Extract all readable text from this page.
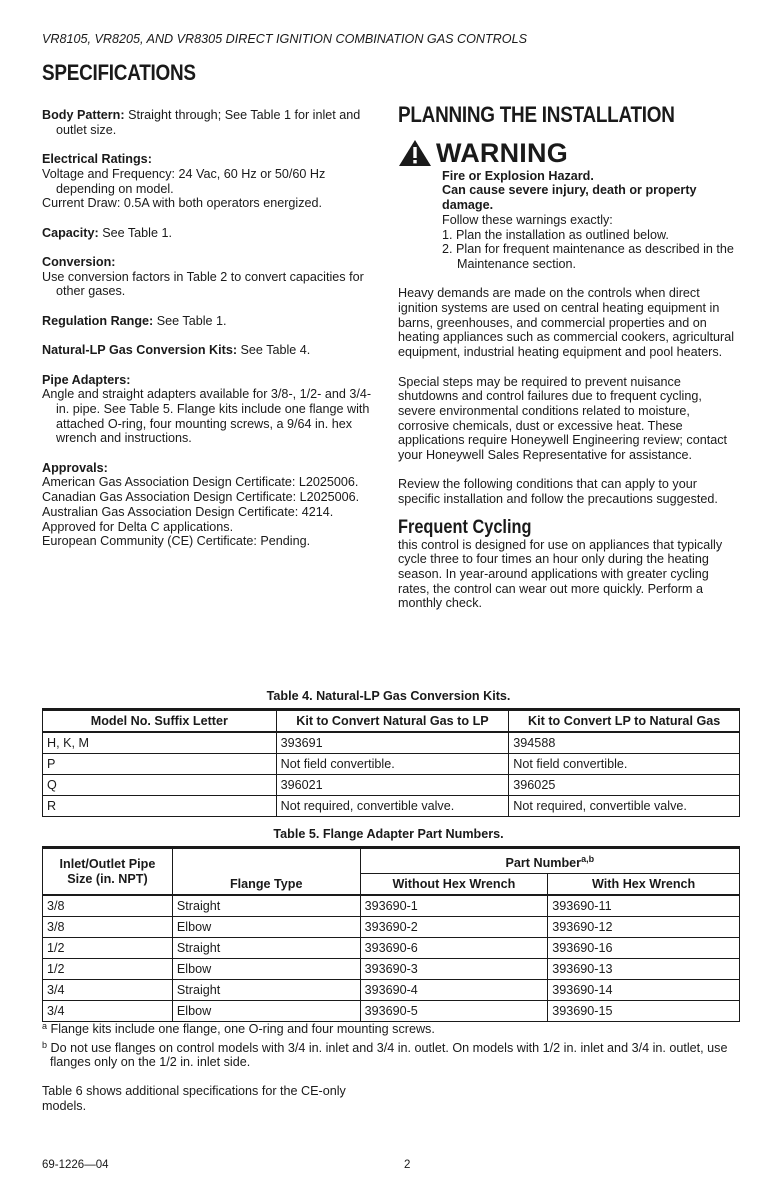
VR8105, VR8205, AND VR8305 DIRECT IGNITION COMBINATION GAS CONTROLS
SPECIFICATIONS

Body Pattern: Straight through; See Table 1 for inlet and outlet size.

Electrical Ratings:

Voltage and Frequency: 24 Vac, 60 Hz or 50/60 Hz depending on model.

Current Draw: 0.5A with both operators energized.

Capacity: See Table 1.

Conversion:

Use conversion factors in Table 2 to convert capacities for other gases.

Regulation Range: See Table 1.

Natural-LP Gas Conversion Kits: See Table 4.

Pipe Adapters:

Angle and straight adapters available for 3/8-, 1/2- and 3/4-in. pipe. See Table 5. Flange kits include one flange with attached O-ring, four mounting screws, a 9/64 in. hex wrench and instructions.

Approvals:

American Gas Association Design Certificate: L2025006.

Canadian Gas Association Design Certificate: L2025006.

Australian Gas Association Design Certificate: 4214.

Approved for Delta C applications.

European Community (CE) Certificate: Pending.

PLANNING THE INSTALLATION
WARNING

Fire or Explosion Hazard.

Can cause severe injury, death or property damage.

Follow these warnings exactly:

1. Plan the installation as outlined below.

2. Plan for frequent maintenance as described in the Maintenance section.

Heavy demands are made on the controls when direct ignition systems are used on central heating equipment in barns, greenhouses, and commercial properties and on heating appliances such as commercial cookers, agricultural equipment, industrial heating equipment and pool heaters.

Special steps may be required to prevent nuisance shutdowns and control failures due to frequent cycling, severe environmental conditions related to moisture, corrosive chemicals, dust or excessive heat. These applications require Honeywell Engineering review; contact your Honeywell Sales Representative for assistance.

Review the following conditions that can apply to your specific installation and follow the precautions suggested.

Frequent Cycling

this control is designed for use on appliances that typically cycle three to four times an hour only during the heating season. In year-around applications with greater cycling rates, the control can wear out more quickly. Perform a monthly check.

Table 4. Natural-LP Gas Conversion Kits.
Model No. Suffix Letter	Kit to Convert Natural Gas to LP	Kit to Convert LP to Natural Gas
H, K, M	393691	394588
P	Not field convertible.	Not field convertible.
Q	396021	396025
R	Not required, convertible valve.	Not required, convertible valve.
Table 5. Flange Adapter Part Numbers.
Inlet/Outlet Pipe Size (in. NPT)	Flange Type	Part Number$^{a,b}$
		Without Hex Wrench	With Hex Wrench
3/8	Straight	393690-1	393690-11
3/8	Elbow	393690-2	393690-12
1/2	Straight	393690-6	393690-16
1/2	Elbow	393690-3	393690-13
3/4	Straight	393690-4	393690-14
3/4	Elbow	393690-5	393690-15

$^a$ Flange kits include one flange, one O-ring and four mounting screws.

$^b$ Do not use flanges on control models with 3/4 in. inlet and 3/4 in. outlet. On models with 1/2 in. inlet and 3/4 in. outlet, use flanges only on the 1/2 in. inlet side.

Table 6 shows additional specifications for the CE-only models.

69-1226—04	2
